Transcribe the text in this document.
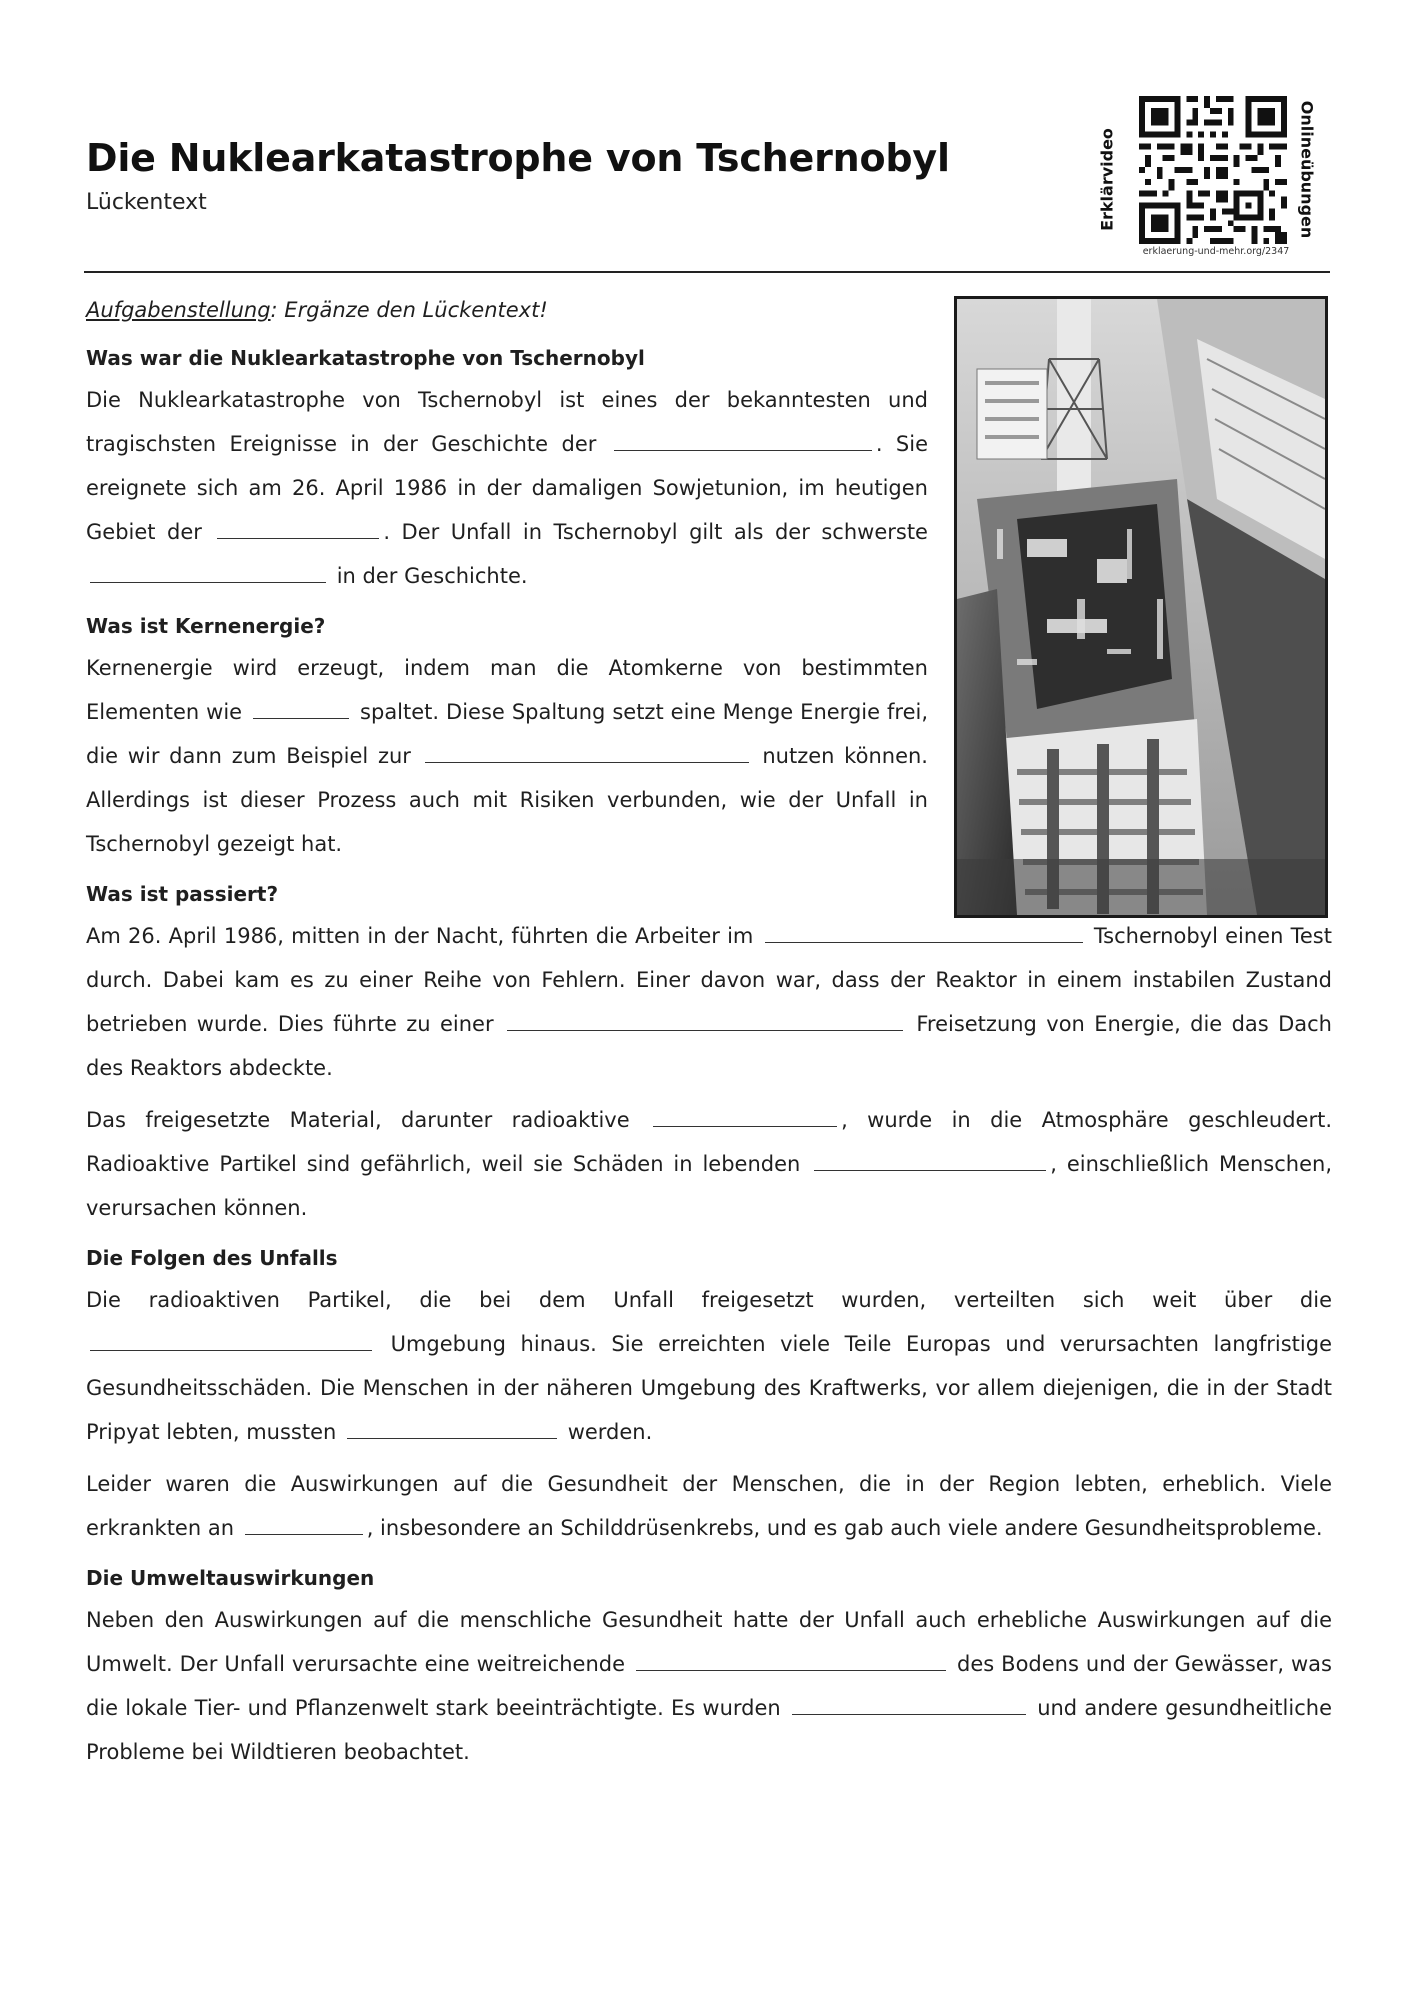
Die Nuklearkatastrophe von Tschernobyl
Lückentext	Erklärvideo	Onlineübungen
erklaerung-und-mehr.org/2347

Aufgabenstellung: Ergänze den Lückentext!

Was war die Nuklearkatastrophe von Tschernobyl

Die Nuklearkatastrophe von Tschernobyl ist eines der bekanntesten und tragischsten Ereignisse in der Geschichte der	. Sie ereignete sich am 26. April 1986 in der damaligen Sowjetunion, im heutigen Gebiet der	. Der Unfall in Tschernobyl gilt als der schwerste  in der Geschichte.

Was ist Kernenergie?

Kernenergie wird erzeugt, indem man die Atomkerne von bestimmten Elementen wie	spaltet. Diese Spaltung setzt eine Menge Energie frei, die wir dann zum Beispiel zur	nutzen können. Allerdings ist dieser Prozess auch mit Risiken verbunden, wie der Unfall in Tschernobyl gezeigt hat.

Was ist passiert?

Am 26. April 1986, mitten in der Nacht, führten die Arbeiter im	Tschernobyl einen Test durch. Dabei kam es zu einer Reihe von Fehlern. Einer davon war, dass der Reaktor in einem instabilen Zustand betrieben wurde. Dies führte zu einer	Freisetzung von Energie, die das Dach des Reaktors abdeckte.

Das freigesetzte Material, darunter radioaktive	, wurde in die Atmosphäre geschleudert. Radioaktive Partikel sind gefährlich, weil sie Schäden in lebenden	, einschließlich Menschen, verursachen können.

Die Folgen des Unfalls

Die radioaktiven Partikel, die bei dem Unfall freigesetzt wurden, verteilten sich weit über die  Umgebung hinaus. Sie erreichten viele Teile Europas und verursachten langfristige Gesundheitsschäden. Die Menschen in der näheren Umgebung des Kraftwerks, vor allem diejenigen, die in der Stadt Pripyat lebten, mussten	werden.

Leider waren die Auswirkungen auf die Gesundheit der Menschen, die in der Region lebten, erheblich. Viele erkrankten an	, insbesondere an Schilddrüsenkrebs, und es gab auch viele andere Gesundheitsprobleme.

Die Umweltauswirkungen

Neben den Auswirkungen auf die menschliche Gesundheit hatte der Unfall auch erhebliche Auswirkungen auf die Umwelt. Der Unfall verursachte eine weitreichende	des Bodens und der Gewässer, was die lokale Tier- und Pflanzenwelt stark beeinträchtigte. Es wurden	und andere gesundheitliche Probleme bei Wildtieren beobachtet.
